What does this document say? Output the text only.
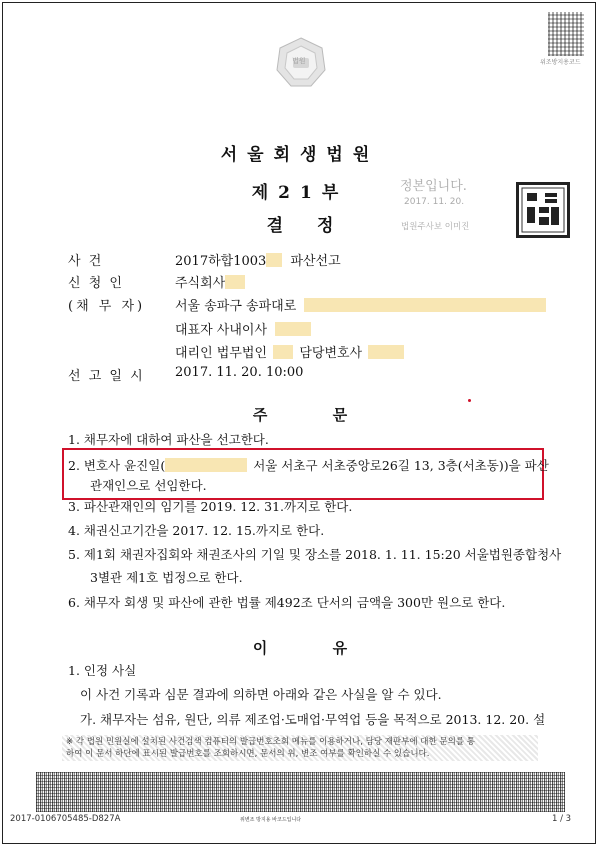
법원	위조방지용코드
서울회생법원
제21부
결정
정본입니다.
2017. 11. 20.
법원주사보 이미진
사 건	2017하합1003 파산선고
신 청 인	주식회사
(채 무 자) 서울 송파구 송파대로
대표자 사내이사
대리인 법무법인 담당변호사
선 고 일 시 2017. 11. 20. 10:00
주 문
1. 채무자에 대하여 파산을 선고한다.
2. 변호사 윤진일(	서울 서초구 서초중앙로26길 13, 3층(서초동))을 파산
관재인으로 선임한다.
3. 파산관재인의 임기를 2019. 12. 31.까지로 한다.
4. 채권신고기간을 2017. 12. 15.까지로 한다.
5. 제1회 채권자집회와 채권조사의 기일 및 장소를 2018. 1. 11. 15:20 서울법원종합청사
3별관 제1호 법정으로 한다.
6. 채무자 회생 및 파산에 관한 법률 제492조 단서의 금액을 300만 원으로 한다.
이 유
1. 인정 사실
이 사건 기록과 심문 결과에 의하면 아래와 같은 사실을 알 수 있다.
가. 채무자는 섬유, 원단, 의류 제조업·도매업·무역업 등을 목적으로 2013. 12. 20. 설
※ 각 법원 민원실에 설치된 사건검색 컴퓨터의 발급번호조회 메뉴를 이용하거나, 담당 재판부에 대한 문의를 통
하여 이 문서 하단에 표시된 발급번호를 조회하시면, 문서의 위, 변조 여부를 확인하실 수 있습니다.
2017-0106705485-D827A	위변조 방지용 바코드입니다	1 / 3
